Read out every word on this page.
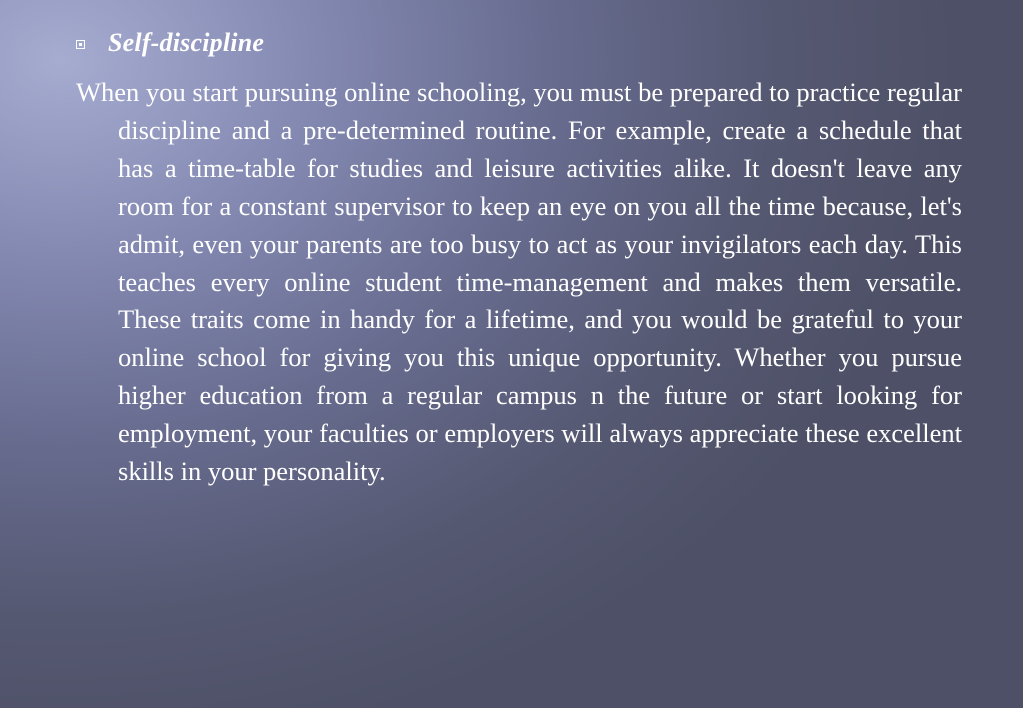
Self-discipline

When you start pursuing online schooling, you must be prepared to practice regular discipline and a pre-determined routine. For example, create a schedule that has a time-table for studies and leisure activities alike. It doesn't leave any room for a constant supervisor to keep an eye on you all the time because, let's admit, even your parents are too busy to act as your invigilators each day. This teaches every online student time-management and makes them versatile. These traits come in handy for a lifetime, and you would be grateful to your online school for giving you this unique opportunity. Whether you pursue higher education from a regular campus n the future or start looking for employment, your faculties or employers will always appreciate these excellent skills in your personality.
